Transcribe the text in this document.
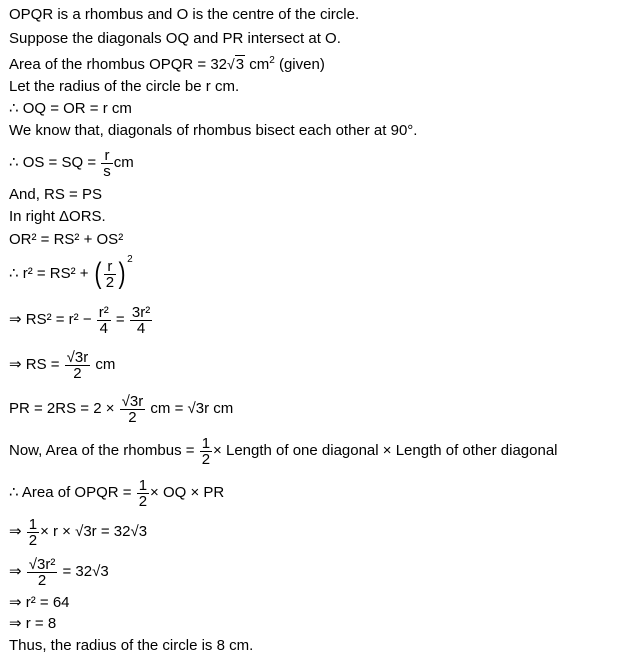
OPQR is a rhombus and O is the centre of the circle.
Suppose the diagonals OQ and PR intersect at O.
Area of the rhombus OPQR = 32√3 $cm^2$ (given)
Let the radius of the circle be r cm.
∴ OQ = OR = r cm
We know that, diagonals of rhombus bisect each other at 90°.
∴ OS = SQ = $\frac{r}{s}$ cm
And, RS = PS
In right ΔORS.
OR² = RS² + OS²
∴ r² = RS² + ( $\frac{r}{2}$ ) $^2$
⇒ $RS^2 = r^2 - \frac{\text{r²}}{4} = \frac{\text{3r²}}{4}$
⇒ RS = $\frac{√3r}{2}$ cm
PR = $2RS = 2 \times \frac{√3r}{2}$ cm = √3r cm
Now, Area of the rhombus = $\frac{1}{2}$ × Length of one diagonal × Length of other diagonal
∴ Area of OPQR = $\frac{1}{2}$ × OQ × PR
⇒ $\frac{1}{2} \times r \times √3r = 32√3$
⇒ $\frac{\text{√3r²}}{2} = 32√3$
⇒ r² = 64
⇒ r = 8
Thus, the radius of the circle is 8 cm.
